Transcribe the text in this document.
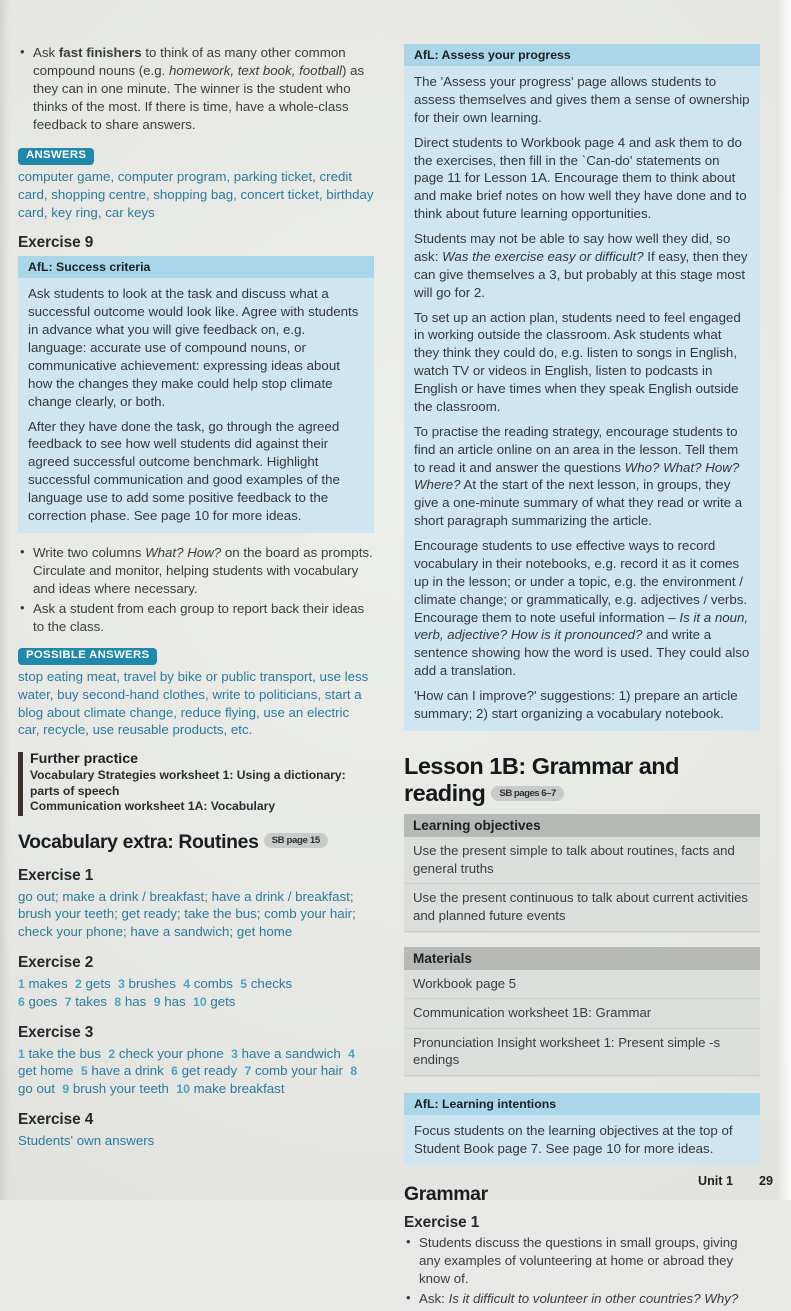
• Ask fast finishers to think of as many other common compound nouns (e.g. homework, text book, football) as they can in one minute. The winner is the student who thinks of the most. If there is time, have a whole-class feedback to share answers.
ANSWERS
computer game, computer program, parking ticket, credit card, shopping centre, shopping bag, concert ticket, birthday card, key ring, car keys
Exercise 9
AfL: Success criteria

Ask students to look at the task and discuss what a successful outcome would look like. Agree with students in advance what you will give feedback on, e.g. language: accurate use of compound nouns, or communicative achievement: expressing ideas about how the changes they make could help stop climate change clearly, or both.

After they have done the task, go through the agreed feedback to see how well students did against their agreed successful outcome benchmark. Highlight successful communication and good examples of the language use to add some positive feedback to the correction phase. See page 10 for more ideas.

• Write two columns What? How? on the board as prompts. Circulate and monitor, helping students with vocabulary and ideas where necessary.
• Ask a student from each group to report back their ideas to the class.
POSSIBLE ANSWERS
stop eating meat, travel by bike or public transport, use less water, buy second-hand clothes, write to politicians, start a blog about climate change, reduce flying, use an electric car, recycle, use reusable products, etc.
Further practice
Vocabulary Strategies worksheet 1: Using a dictionary: parts of speech
Communication worksheet 1A: Vocabulary
Vocabulary extra: Routines SB page 15
Exercise 1
go out; make a drink / breakfast; have a drink / breakfast; brush your teeth; get ready; take the bus; comb your hair; check your phone; have a sandwich; get home
Exercise 2
1 makes 2 gets 3 brushes 4 combs 5 checks
6 goes 7 takes 8 has 9 has 10 gets
Exercise 3
1 take the bus 2 check your phone 3 have a sandwich 4 get home 5 have a drink 6 get ready 7 comb your hair 8 go out 9 brush your teeth 10 make breakfast
Exercise 4
Students' own answers
AfL: Assess your progress

The 'Assess your progress' page allows students to assess themselves and gives them a sense of ownership for their own learning.

Direct students to Workbook page 4 and ask them to do the exercises, then fill in the `Can-do' statements on page 11 for Lesson 1A. Encourage them to think about and make brief notes on how well they have done and to think about future learning opportunities.

Students may not be able to say how well they did, so ask: Was the exercise easy or difficult? If easy, then they can give themselves a 3, but probably at this stage most will go for 2.

To set up an action plan, students need to feel engaged in working outside the classroom. Ask students what they think they could do, e.g. listen to songs in English, watch TV or videos in English, listen to podcasts in English or have times when they speak English outside the classroom.

To practise the reading strategy, encourage students to find an article online on an area in the lesson. Tell them to read it and answer the questions Who? What? How? Where? At the start of the next lesson, in groups, they give a one-minute summary of what they read or write a short paragraph summarizing the article.

Encourage students to use effective ways to record vocabulary in their notebooks, e.g. record it as it comes up in the lesson; or under a topic, e.g. the environment / climate change; or grammatically, e.g. adjectives / verbs. Encourage them to note useful information – Is it a noun, verb, adjective? How is it pronounced? and write a sentence showing how the word is used. They could also add a translation.

'How can I improve?' suggestions: 1) prepare an article summary; 2) start organizing a vocabulary notebook.

Lesson 1B: Grammar and reading SB pages 6–7
Learning objectives
Use the present simple to talk about routines, facts and general truths
Use the present continuous to talk about current activities and planned future events
Materials
Workbook page 5
Communication worksheet 1B: Grammar
Pronunciation Insight worksheet 1: Present simple -s endings
AfL: Learning intentions

Focus students on the learning objectives at the top of Student Book page 7. See page 10 for more ideas.

Grammar
Exercise 1
• Students discuss the questions in small groups, giving any examples of volunteering at home or abroad they know of.
• Ask: Is it difficult to volunteer in other countries? Why?
Unit 1 29
